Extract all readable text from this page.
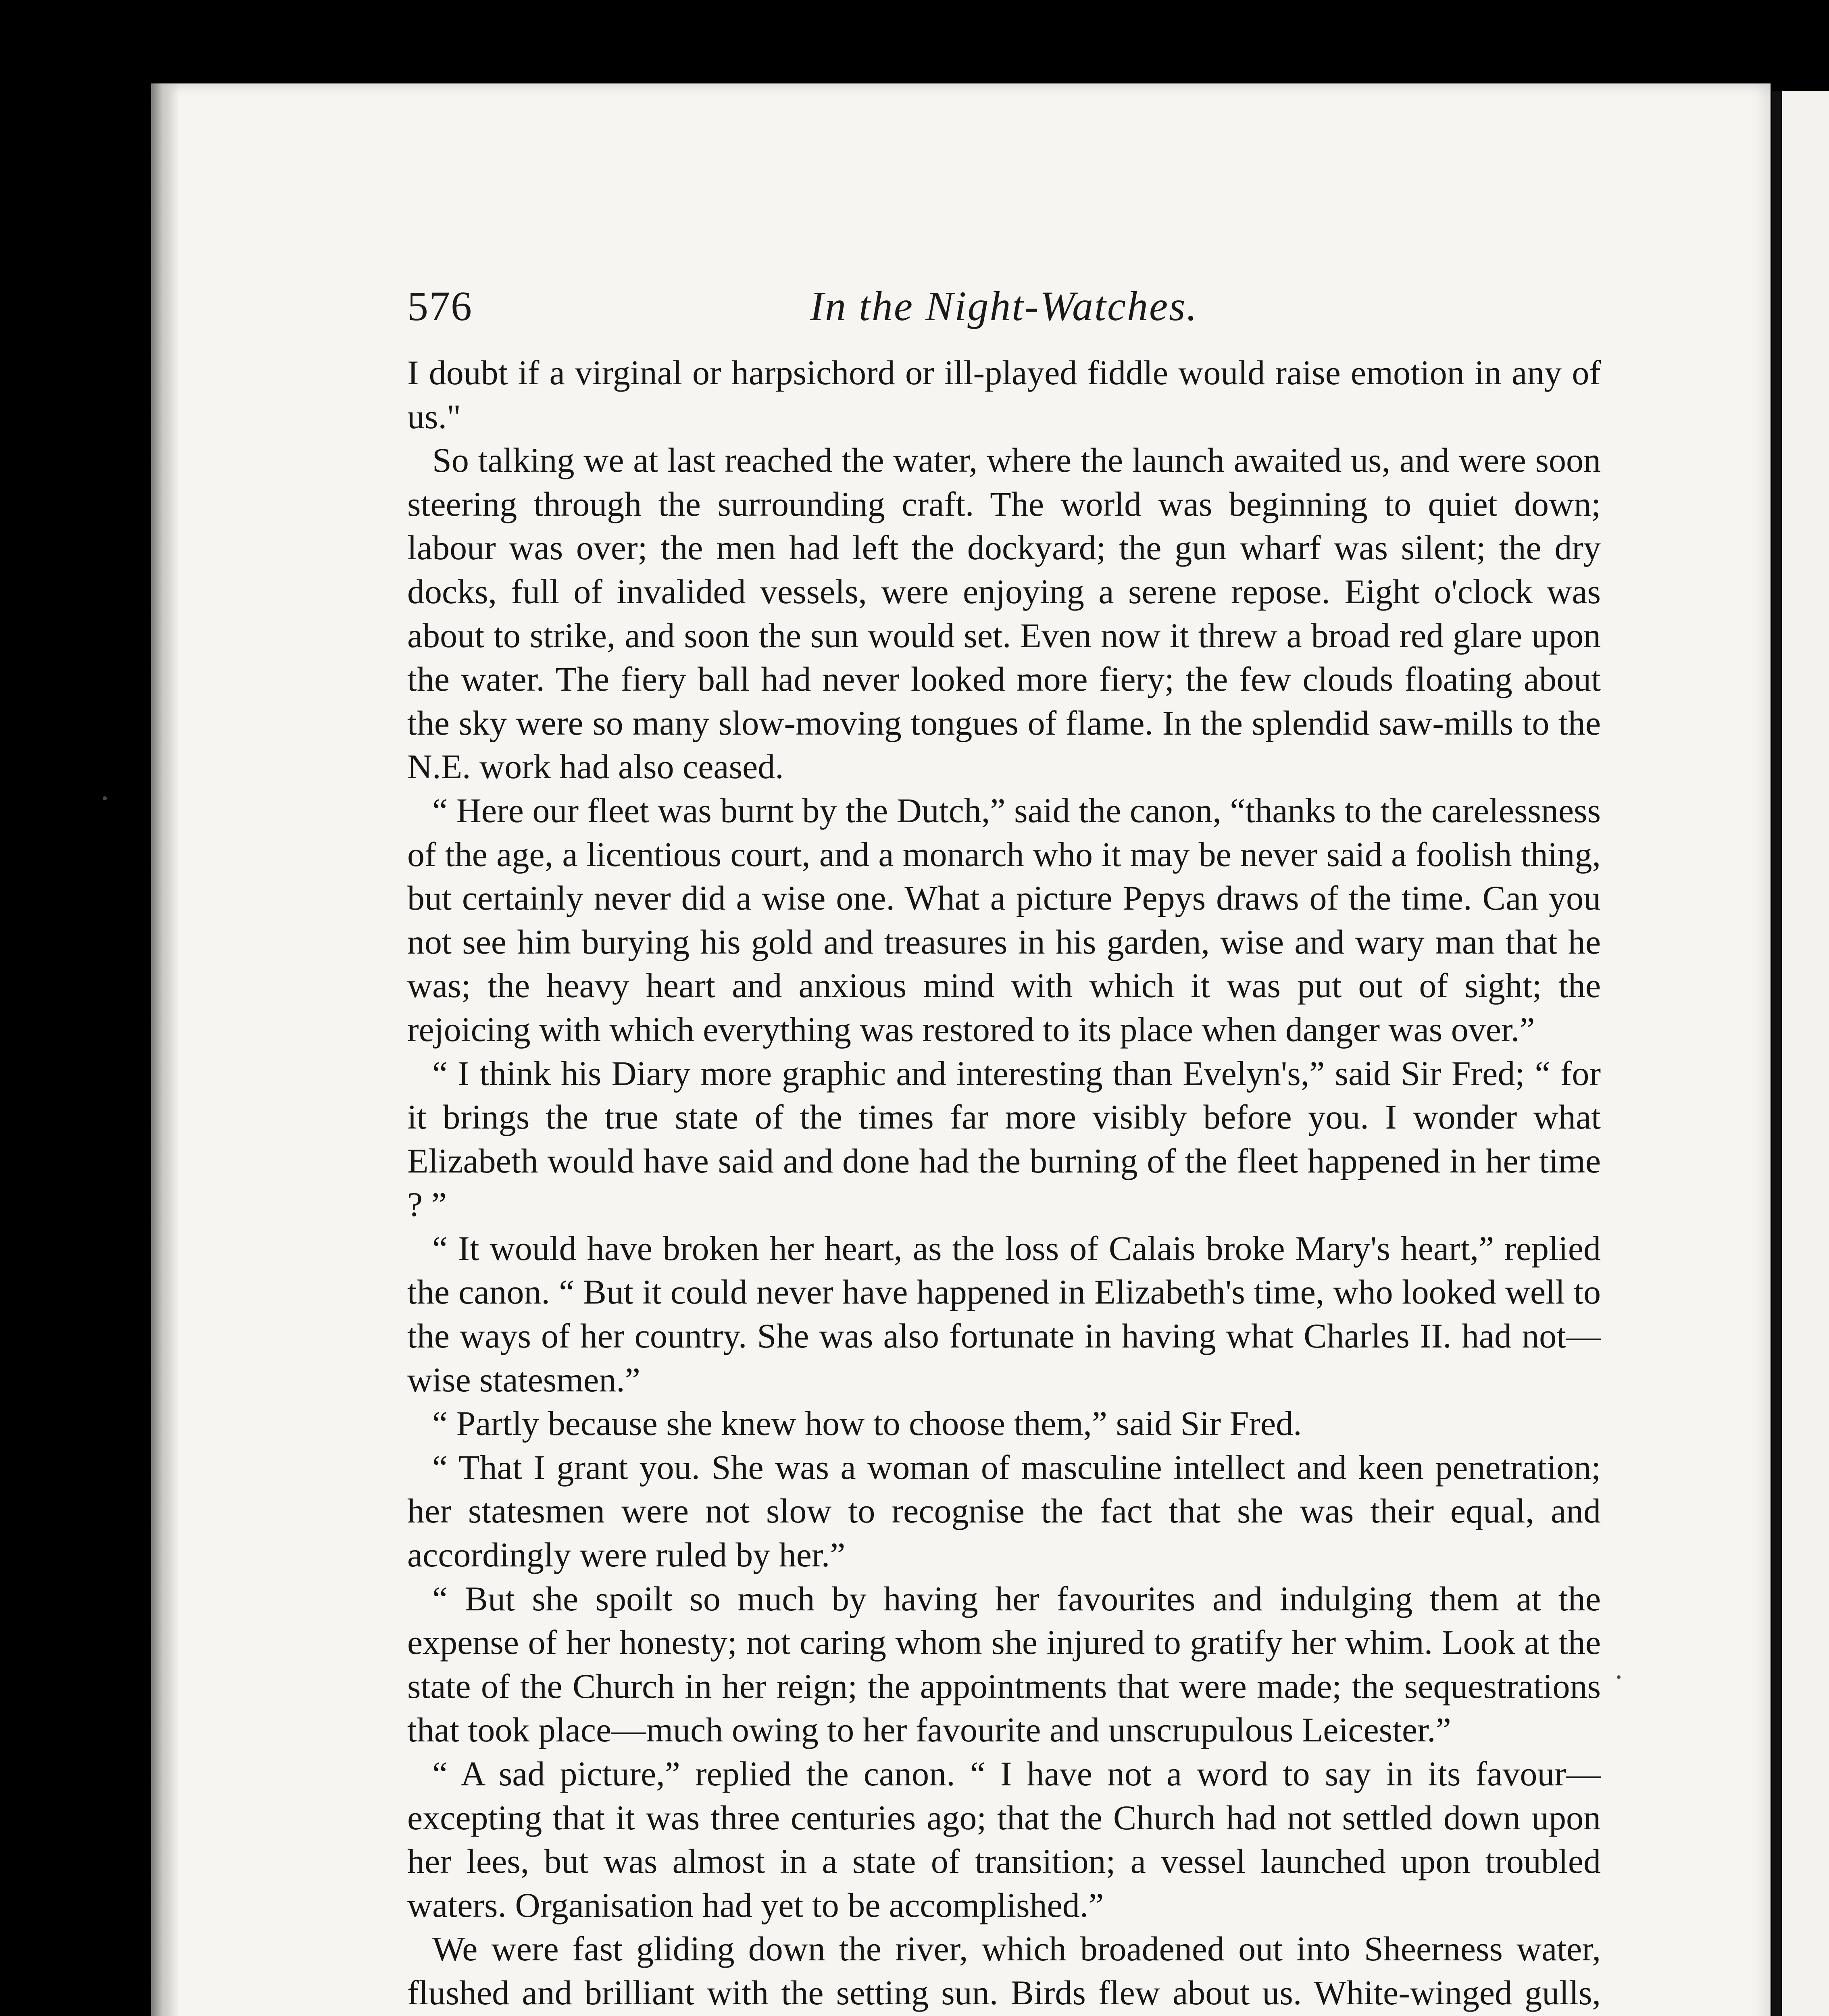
576	In the Night-Watches.

I doubt if a virginal or harpsichord or ill-played fiddle would raise emotion in any of us."

So talking we at last reached the water, where the launch awaited us, and were soon steering through the surrounding craft. The world was beginning to quiet down; labour was over; the men had left the dockyard; the gun wharf was silent; the dry docks, full of invalided vessels, were enjoying a serene repose. Eight o'clock was about to strike, and soon the sun would set. Even now it threw a broad red glare upon the water. The fiery ball had never looked more fiery; the few clouds floating about the sky were so many slow-moving tongues of flame. In the splendid saw-mills to the N.E. work had also ceased.

“ Here our fleet was burnt by the Dutch,” said the canon, “thanks to the carelessness of the age, a licentious court, and a monarch who it may be never said a foolish thing, but certainly never did a wise one. What a picture Pepys draws of the time. Can you not see him burying his gold and treasures in his garden, wise and wary man that he was; the heavy heart and anxious mind with which it was put out of sight; the rejoicing with which everything was restored to its place when danger was over.”

“ I think his Diary more graphic and interesting than Evelyn's,” said Sir Fred; “ for it brings the true state of the times far more visibly before you. I wonder what Elizabeth would have said and done had the burning of the fleet happened in her time ? ”

“ It would have broken her heart, as the loss of Calais broke Mary's heart,” replied the canon. “ But it could never have happened in Elizabeth's time, who looked well to the ways of her country. She was also fortunate in having what Charles II. had not—wise statesmen.”

“ Partly because she knew how to choose them,” said Sir Fred.

“ That I grant you. She was a woman of masculine intellect and keen penetration; her statesmen were not slow to recognise the fact that she was their equal, and accordingly were ruled by her.”

“ But she spoilt so much by having her favourites and indulging them at the expense of her honesty; not caring whom she injured to gratify her whim. Look at the state of the Church in her reign; the appointments that were made; the sequestrations that took place—much owing to her favourite and unscrupulous Leicester.”

“ A sad picture,” replied the canon. “ I have not a word to say in its favour—excepting that it was three centuries ago; that the Church had not settled down upon her lees, but was almost in a state of transition; a vessel launched upon troubled waters. Organisation had yet to be accomplished.”

We were fast gliding down the river, which broadened out into Sheerness water, flushed and brilliant with the setting sun. Birds flew about us. White-winged gulls,
